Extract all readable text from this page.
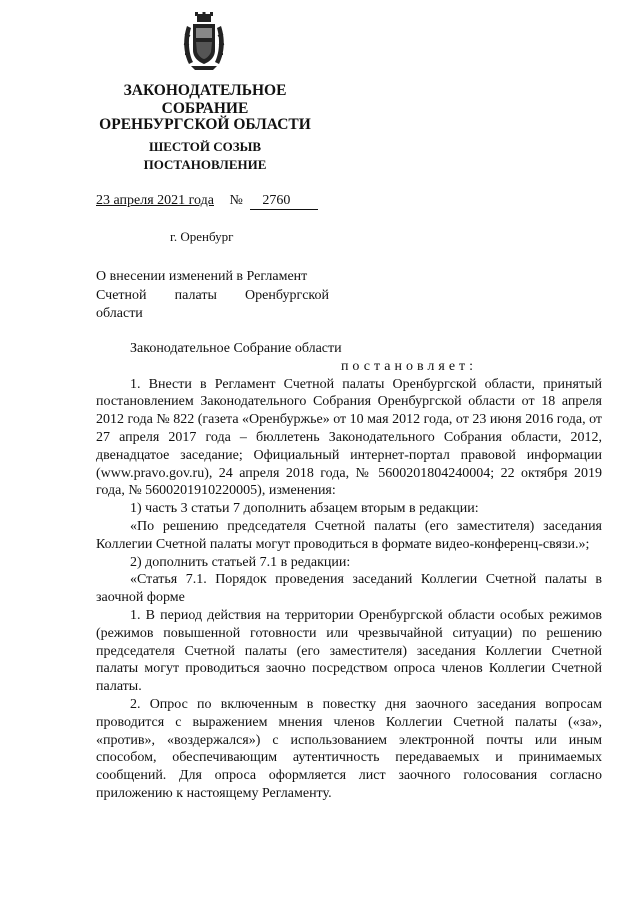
ЗАКОНОДАТЕЛЬНОЕ
СОБРАНИЕ
ОРЕНБУРГСКОЙ ОБЛАСТИ
ШЕСТОЙ СОЗЫВ
ПОСТАНОВЛЕНИЕ
23 апреля 2021 года № 2760
г. Оренбург
О внесении изменений в Регламент
Счетной палаты Оренбургской
области

Законодательное Собрание области

постановляет:

1. Внести в Регламент Счетной палаты Оренбургской области, принятый постановлением Законодательного Собрания Оренбургской области от 18 апреля 2012 года № 822 (газета «Оренбуржье» от 10 мая 2012 года, от 23 июня 2016 года, от 27 апреля 2017 года – бюллетень Законодательного Собрания области, 2012, двенадцатое заседание; Официальный интернет-портал правовой информации (www.pravo.gov.ru), 24 апреля 2018 года, № 5600201804240004; 22 октября 2019 года, № 5600201910220005), изменения:

1) часть 3 статьи 7 дополнить абзацем вторым в редакции:

«По решению председателя Счетной палаты (его заместителя) заседания Коллегии Счетной палаты могут проводиться в формате видео-конференц-связи.»;

2) дополнить статьей 7.1 в редакции:

«Статья 7.1. Порядок проведения заседаний Коллегии Счетной палаты в заочной форме

1. В период действия на территории Оренбургской области особых режимов (режимов повышенной готовности или чрезвычайной ситуации) по решению председателя Счетной палаты (его заместителя) заседания Коллегии Счетной палаты могут проводиться заочно посредством опроса членов Коллегии Счетной палаты.

2. Опрос по включенным в повестку дня заочного заседания вопросам проводится с выражением мнения членов Коллегии Счетной палаты («за», «против», «воздержался») с использованием электронной почты или иным способом, обеспечивающим аутентичность передаваемых и принимаемых сообщений. Для опроса оформляется лист заочного голосования согласно приложению к настоящему Регламенту.
